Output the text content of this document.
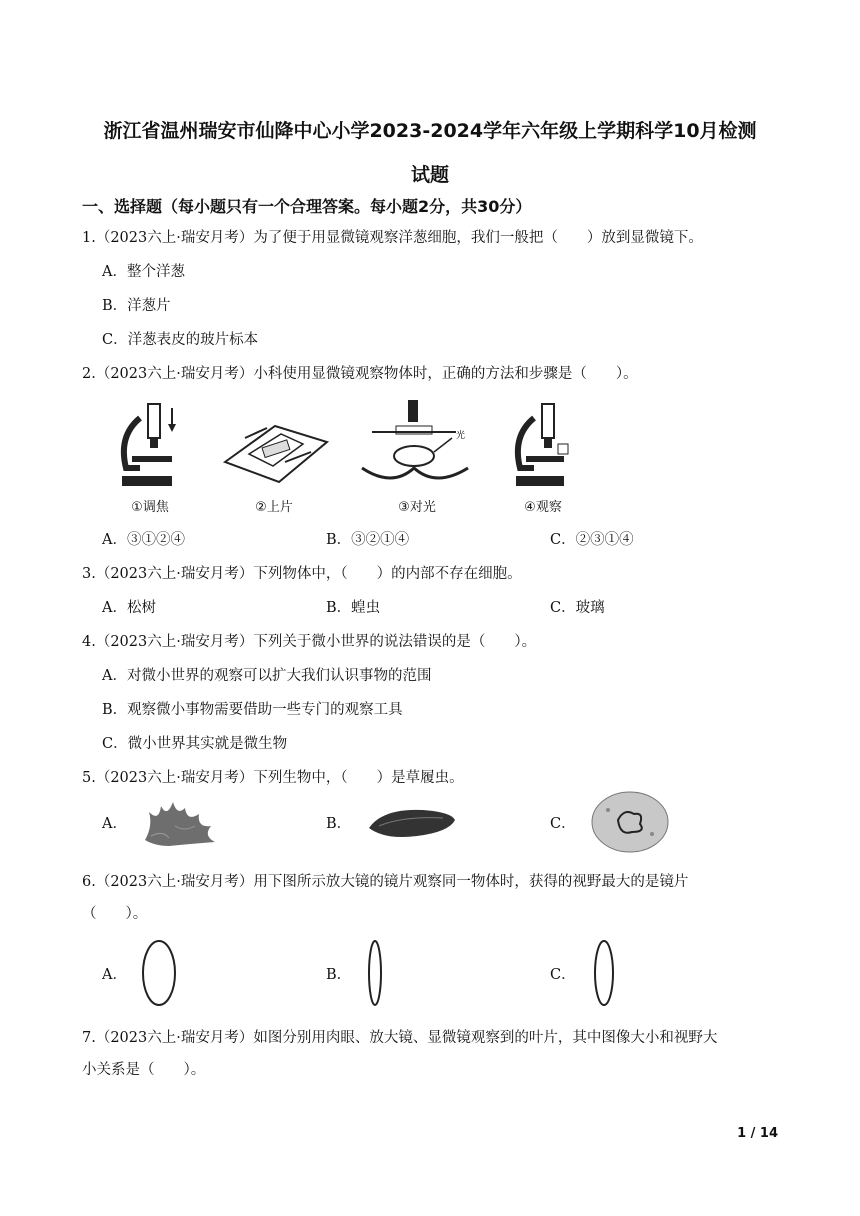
浙江省温州瑞安市仙降中心小学2023-2024学年六年级上学期科学10月检测
试题
一、选择题（每小题只有一个合理答案。每小题2分，共30分）
1.（2023六上·瑞安月考）为了便于用显微镜观察洋葱细胞，我们一般把（　　）放到显微镜下。
A．整个洋葱
B．洋葱片
C．洋葱表皮的玻片标本
2.（2023六上·瑞安月考）小科使用显微镜观察物体时，正确的方法和步骤是（　　）。
①调焦	②上片
光
③对光	④观察
A．③①②④	B．③②①④	C．②③①④
3.（2023六上·瑞安月考）下列物体中，（　　）的内部不存在细胞。
A．松树	B．蝗虫	C．玻璃
4.（2023六上·瑞安月考）下列关于微小世界的说法错误的是（　　）。
A．对微小世界的观察可以扩大我们认识事物的范围
B．观察微小事物需要借助一些专门的观察工具
C．微小世界其实就是微生物
5.（2023六上·瑞安月考）下列生物中，（　　）是草履虫。
A．	B．	C．
6.（2023六上·瑞安月考）用下图所示放大镜的镜片观察同一物体时，获得的视野最大的是镜片
（　　）。
A．	B．	C．
7.（2023六上·瑞安月考）如图分别用肉眼、放大镜、显微镜观察到的叶片，其中图像大小和视野大
小关系是（　　）。
1 / 14
